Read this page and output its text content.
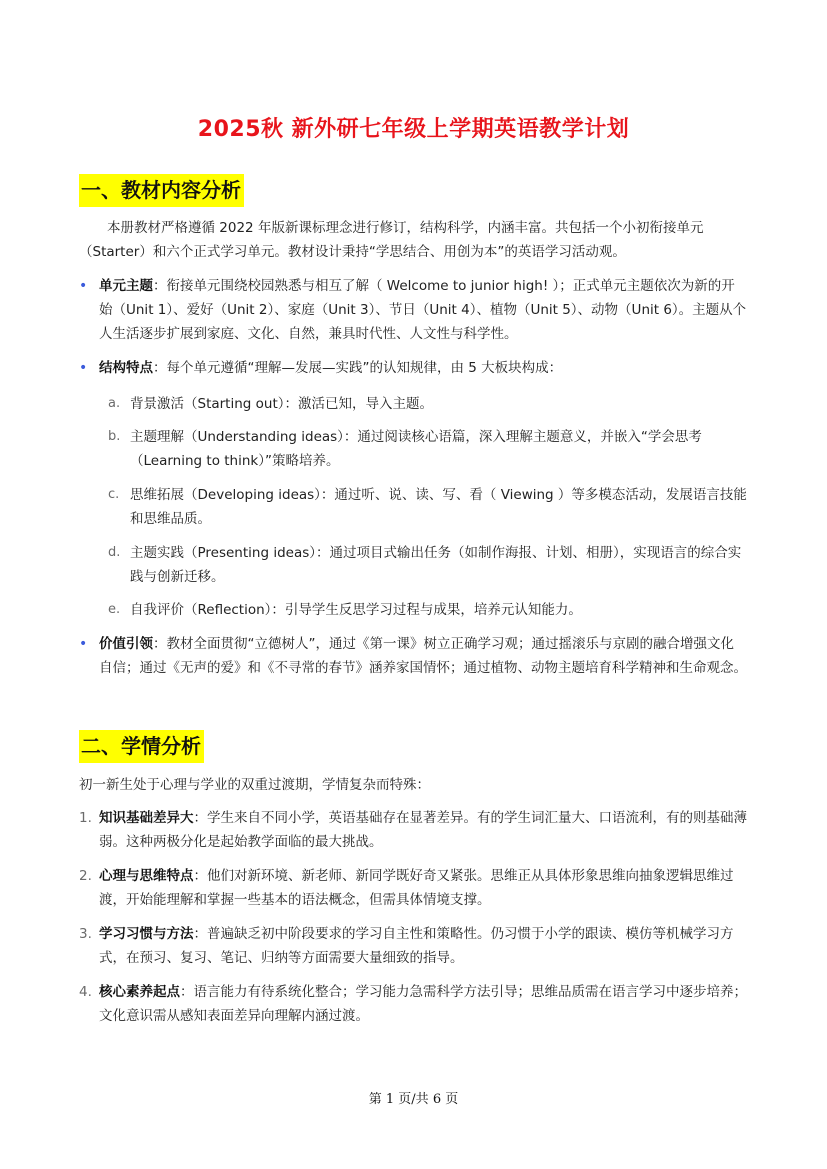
2025秋 新外研七年级上学期英语教学计划
一、教材内容分析

本册教材严格遵循 2022 年版新课标理念进行修订，结构科学，内涵丰富。共包括一个小初衔接单元（Starter）和六个正式学习单元。教材设计秉持“学思结合、用创为本”的英语学习活动观。

• 单元主题：衔接单元围绕校园熟悉与相互了解（ Welcome to junior high! ）；正式单元主题依次为新的开始（Unit 1）、爱好（Unit 2）、家庭（Unit 3）、节日（Unit 4）、植物（Unit 5）、动物（Unit 6）。主题从个人生活逐步扩展到家庭、文化、自然，兼具时代性、人文性与科学性。

• 结构特点：每个单元遵循“理解—发展—实践”的认知规律，由 5 大板块构成：

a. 背景激活（Starting out）：激活已知，导入主题。

b. 主题理解（Understanding ideas）：通过阅读核心语篇，深入理解主题意义，并嵌入“学会思考（Learning to think）”策略培养。

c. 思维拓展（Developing ideas）：通过听、说、读、写、看（ Viewing ）等多模态活动，发展语言技能和思维品质。

d. 主题实践（Presenting ideas）：通过项目式输出任务（如制作海报、计划、相册），实现语言的综合实践与创新迁移。

e. 自我评价（Reflection）：引导学生反思学习过程与成果，培养元认知能力。

• 价值引领：教材全面贯彻“立德树人”，通过《第一课》树立正确学习观；通过摇滚乐与京剧的融合增强文化自信；通过《无声的爱》和《不寻常的春节》涵养家国情怀；通过植物、动物主题培育科学精神和生命观念。

二、学情分析

初一新生处于心理与学业的双重过渡期，学情复杂而特殊：

1. 知识基础差异大：学生来自不同小学，英语基础存在显著差异。有的学生词汇量大、口语流利，有的则基础薄弱。这种两极分化是起始教学面临的最大挑战。

2. 心理与思维特点：他们对新环境、新老师、新同学既好奇又紧张。思维正从具体形象思维向抽象逻辑思维过渡，开始能理解和掌握一些基本的语法概念，但需具体情境支撑。

3. 学习习惯与方法：普遍缺乏初中阶段要求的学习自主性和策略性。仍习惯于小学的跟读、模仿等机械学习方式，在预习、复习、笔记、归纳等方面需要大量细致的指导。

4. 核心素养起点：语言能力有待系统化整合；学习能力急需科学方法引导；思维品质需在语言学习中逐步培养；文化意识需从感知表面差异向理解内涵过渡。

第 1 页/共 6 页
